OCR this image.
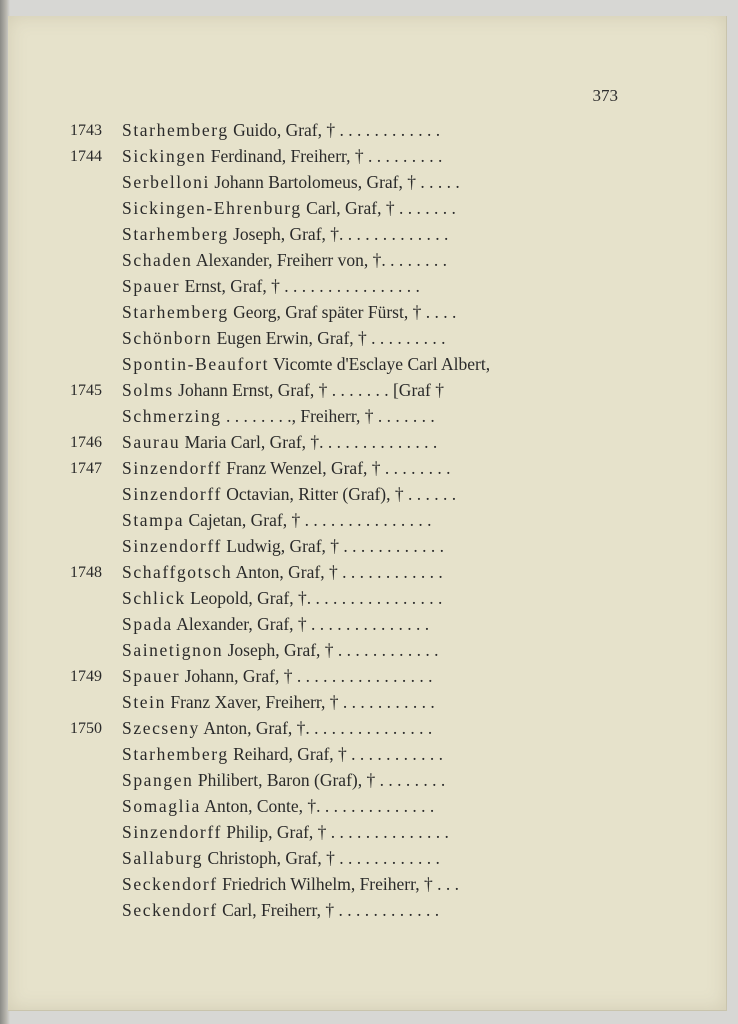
373
1743	Starhemberg Guido, Graf, † . . . . . . . . . . . .
1744	Sickingen Ferdinand, Freiherr, † . . . . . . . . .
Serbelloni Johann Bartolomeus, Graf, † . . . . .
Sickingen-Ehrenburg Carl, Graf, † . . . . . . .
Starhemberg Joseph, Graf, †. . . . . . . . . . . . .
Schaden Alexander, Freiherr von, †. . . . . . . .
Spauer Ernst, Graf, † . . . . . . . . . . . . . . . .
Starhemberg Georg, Graf später Fürst, † . . . .
Schönborn Eugen Erwin, Graf, † . . . . . . . . .
Spontin-Beaufort Vicomte d'Esclaye Carl Albert,
1745	Solms Johann Ernst, Graf, † . . . . . . . [Graf †
Schmerzing . . . . . . . ., Freiherr, † . . . . . . .
1746	Saurau Maria Carl, Graf, †. . . . . . . . . . . . . .
1747	Sinzendorff Franz Wenzel, Graf, † . . . . . . . .
Sinzendorff Octavian, Ritter (Graf), † . . . . . .
Stampa Cajetan, Graf, † . . . . . . . . . . . . . . .
Sinzendorff Ludwig, Graf, † . . . . . . . . . . . .
1748	Schaffgotsch Anton, Graf, † . . . . . . . . . . . .
Schlick Leopold, Graf, †. . . . . . . . . . . . . . . .
Spada Alexander, Graf, † . . . . . . . . . . . . . .
Sainetignon Joseph, Graf, † . . . . . . . . . . . .
1749	Spauer Johann, Graf, † . . . . . . . . . . . . . . . .
Stein Franz Xaver, Freiherr, † . . . . . . . . . . .
1750	Szecseny Anton, Graf, †. . . . . . . . . . . . . . .
Starhemberg Reihard, Graf, † . . . . . . . . . . .
Spangen Philibert, Baron (Graf), † . . . . . . . .
Somaglia Anton, Conte, †. . . . . . . . . . . . . .
Sinzendorff Philip, Graf, † . . . . . . . . . . . . . .
Sallaburg Christoph, Graf, † . . . . . . . . . . . .
Seckendorf Friedrich Wilhelm, Freiherr, † . . .
Seckendorf Carl, Freiherr, † . . . . . . . . . . . .
